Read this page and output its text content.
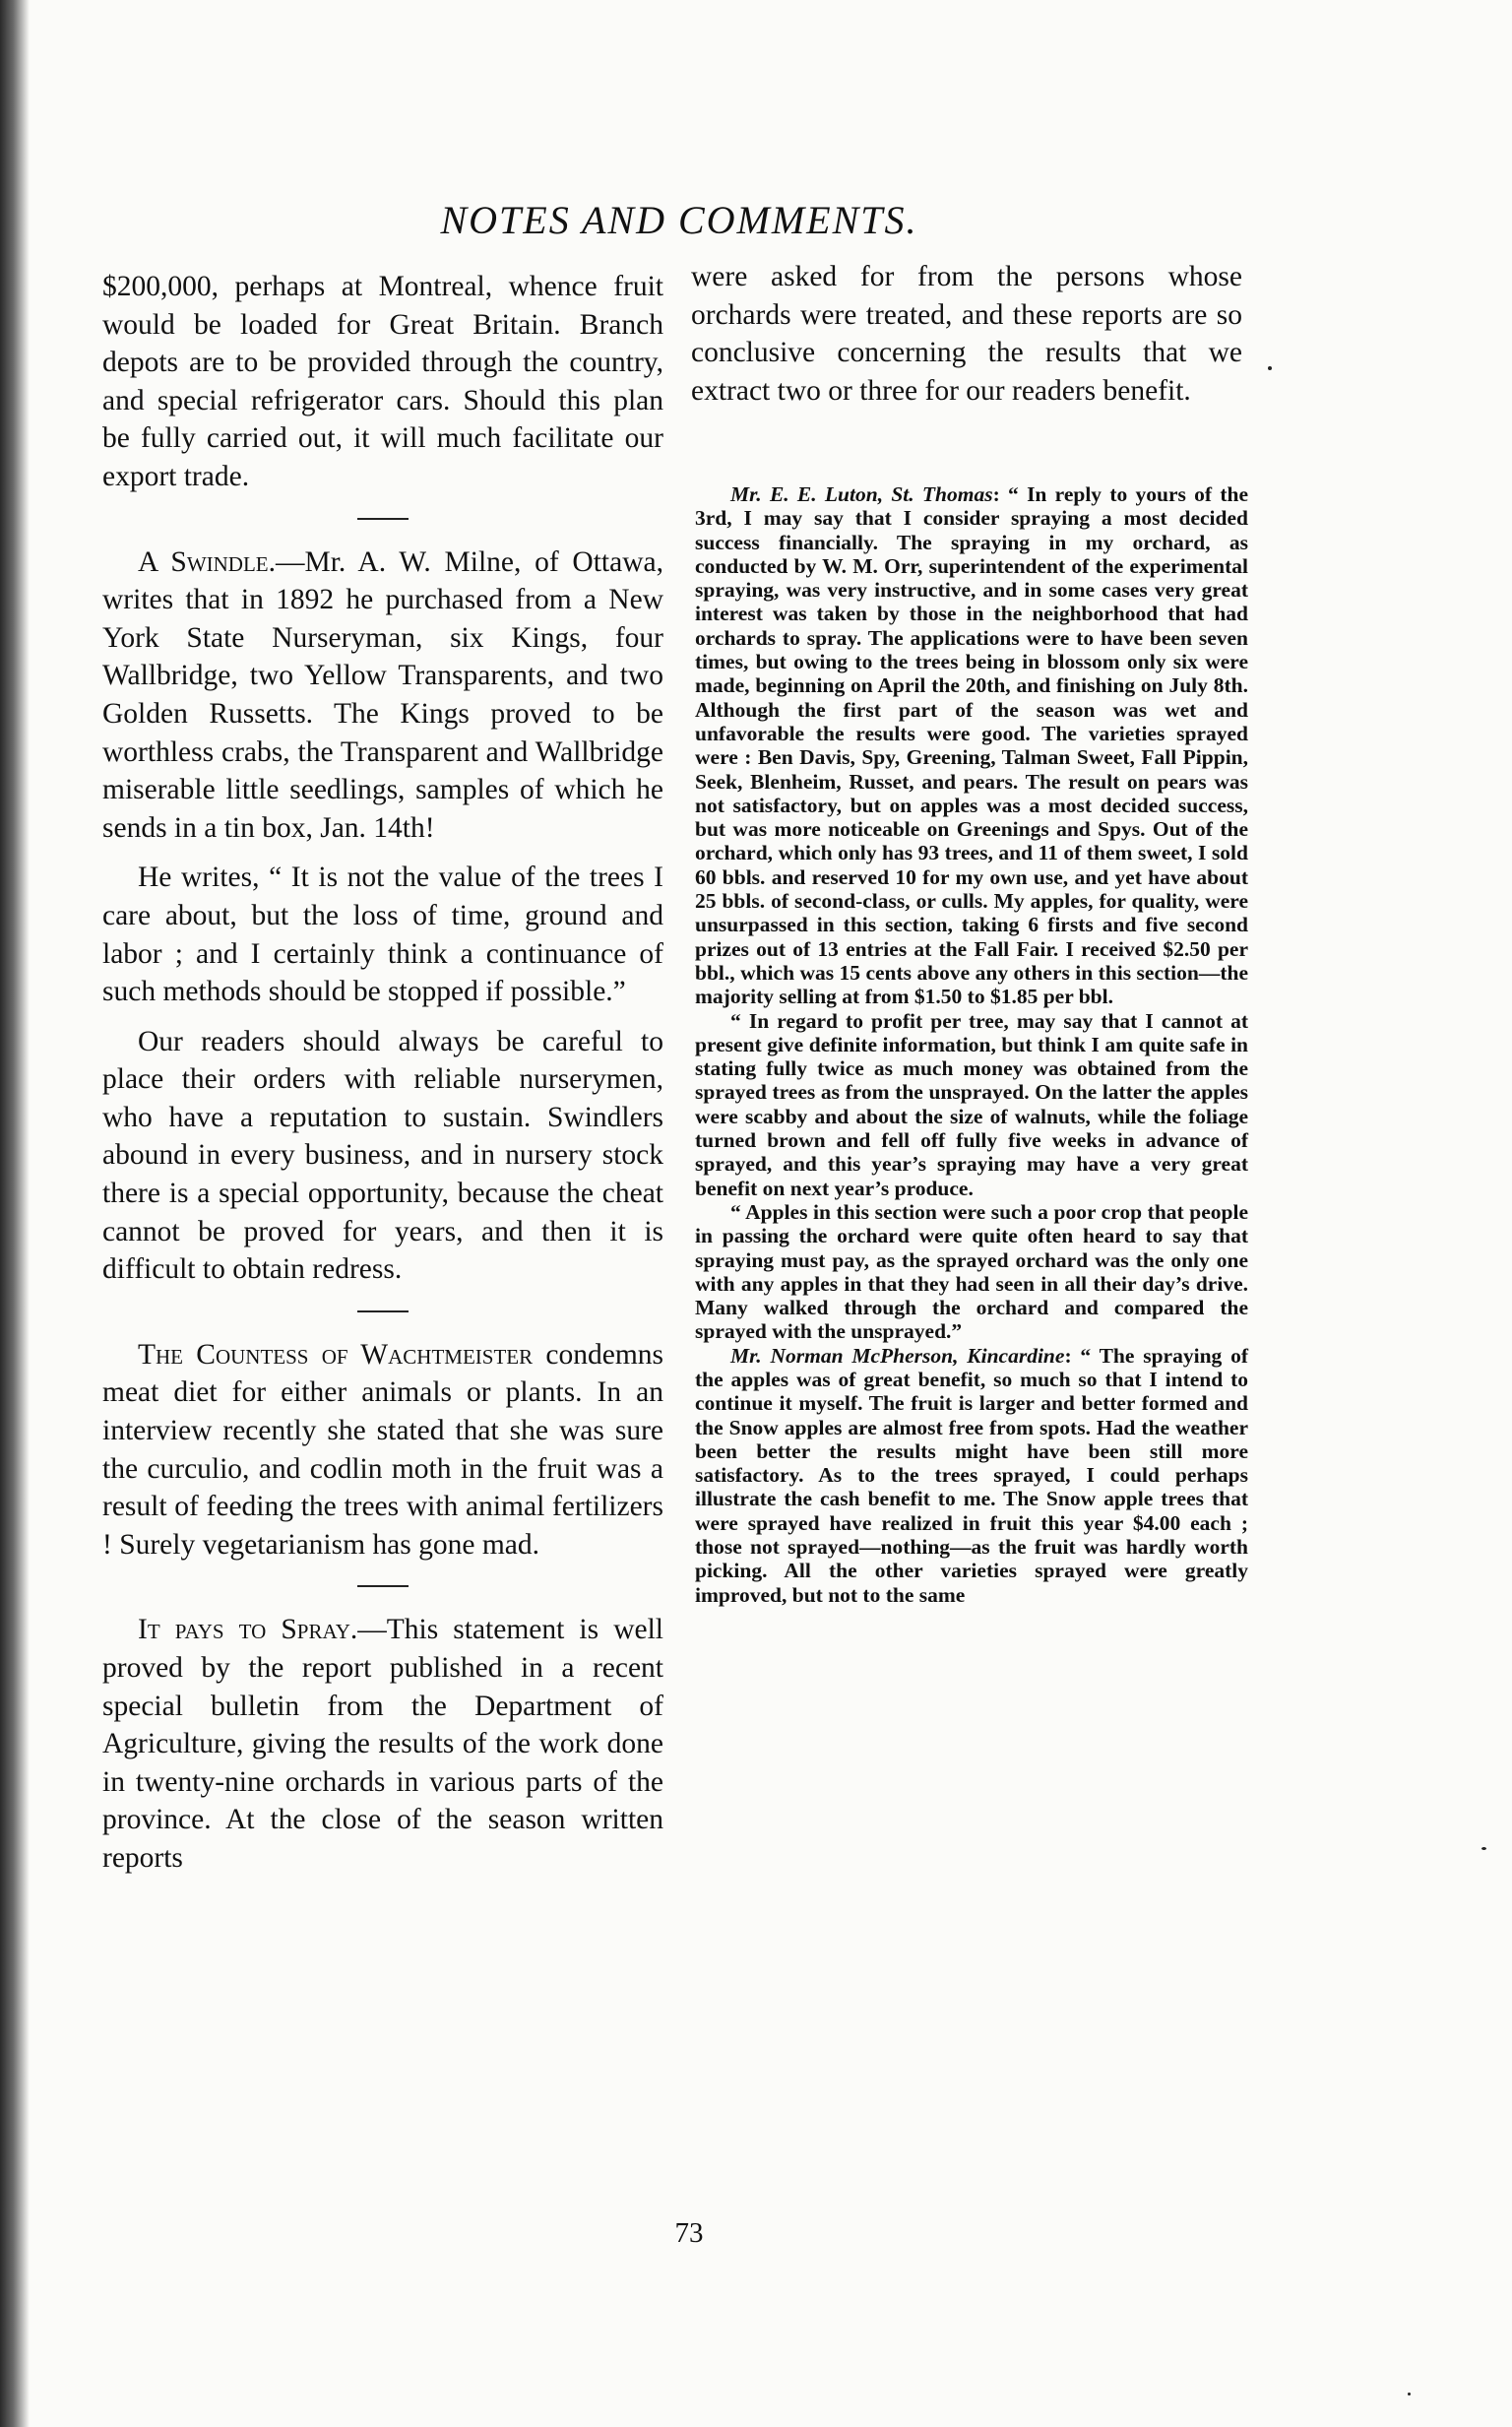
NOTES AND COMMENTS.

$200,000, perhaps at Montreal, whence fruit would be loaded for Great Britain. Branch depots are to be provided through the country, and special refrigerator cars. Should this plan be fully carried out, it will much facilitate our export trade.

A Swindle.—Mr. A. W. Milne, of Ottawa, writes that in 1892 he purchased from a New York State Nurseryman, six Kings, four Wallbridge, two Yellow Transparents, and two Golden Russetts. The Kings proved to be worthless crabs, the Transparent and Wallbridge miserable little seedlings, samples of which he sends in a tin box, Jan. 14th!

He writes, “ It is not the value of the trees I care about, but the loss of time, ground and labor ; and I certainly think a continuance of such methods should be stopped if possible.”

Our readers should always be careful to place their orders with reliable nurserymen, who have a reputation to sustain. Swindlers abound in every business, and in nursery stock there is a special opportunity, because the cheat cannot be proved for years, and then it is difficult to obtain redress.

The Countess of Wachtmeister condemns meat diet for either animals or plants. In an interview recently she stated that she was sure the curculio, and codlin moth in the fruit was a result of feeding the trees with animal fertilizers ! Surely vegetarianism has gone mad.

It pays to Spray.—This statement is well proved by the report published in a recent special bulletin from the Department of Agriculture, giving the results of the work done in twenty-nine orchards in various parts of the province. At the close of the season written reports

were asked for from the persons whose orchards were treated, and these reports are so conclusive concerning the results that we extract two or three for our readers benefit.

Mr. E. E. Luton, St. Thomas: “ In reply to yours of the 3rd, I may say that I consider spraying a most decided success financially. The spraying in my orchard, as conducted by W. M. Orr, superintendent of the experimental spraying, was very instructive, and in some cases very great interest was taken by those in the neighborhood that had orchards to spray. The applications were to have been seven times, but owing to the trees being in blossom only six were made, beginning on April the 20th, and finishing on July 8th. Although the first part of the season was wet and unfavorable the results were good. The varieties sprayed were : Ben Davis, Spy, Greening, Talman Sweet, Fall Pippin, Seek, Blenheim, Russet, and pears. The result on pears was not satisfactory, but on apples was a most decided success, but was more noticeable on Greenings and Spys. Out of the orchard, which only has 93 trees, and 11 of them sweet, I sold 60 bbls. and reserved 10 for my own use, and yet have about 25 bbls. of second-class, or culls. My apples, for quality, were unsurpassed in this section, taking 6 firsts and five second prizes out of 13 entries at the Fall Fair. I received $2.50 per bbl., which was 15 cents above any others in this section—the majority selling at from $1.50 to $1.85 per bbl.

“ In regard to profit per tree, may say that I cannot at present give definite information, but think I am quite safe in stating fully twice as much money was obtained from the sprayed trees as from the unsprayed. On the latter the apples were scabby and about the size of walnuts, while the foliage turned brown and fell off fully five weeks in advance of sprayed, and this year’s spraying may have a very great benefit on next year’s produce.

“ Apples in this section were such a poor crop that people in passing the orchard were quite often heard to say that spraying must pay, as the sprayed orchard was the only one with any apples in that they had seen in all their day’s drive. Many walked through the orchard and compared the sprayed with the unsprayed.”

Mr. Norman McPherson, Kincardine: “ The spraying of the apples was of great benefit, so much so that I intend to continue it myself. The fruit is larger and better formed and the Snow apples are almost free from spots. Had the weather been better the results might have been still more satisfactory. As to the trees sprayed, I could perhaps illustrate the cash benefit to me. The Snow apple trees that were sprayed have realized in fruit this year $4.00 each ; those not sprayed—nothing—as the fruit was hardly worth picking. All the other varieties sprayed were greatly improved, but not to the same

73
